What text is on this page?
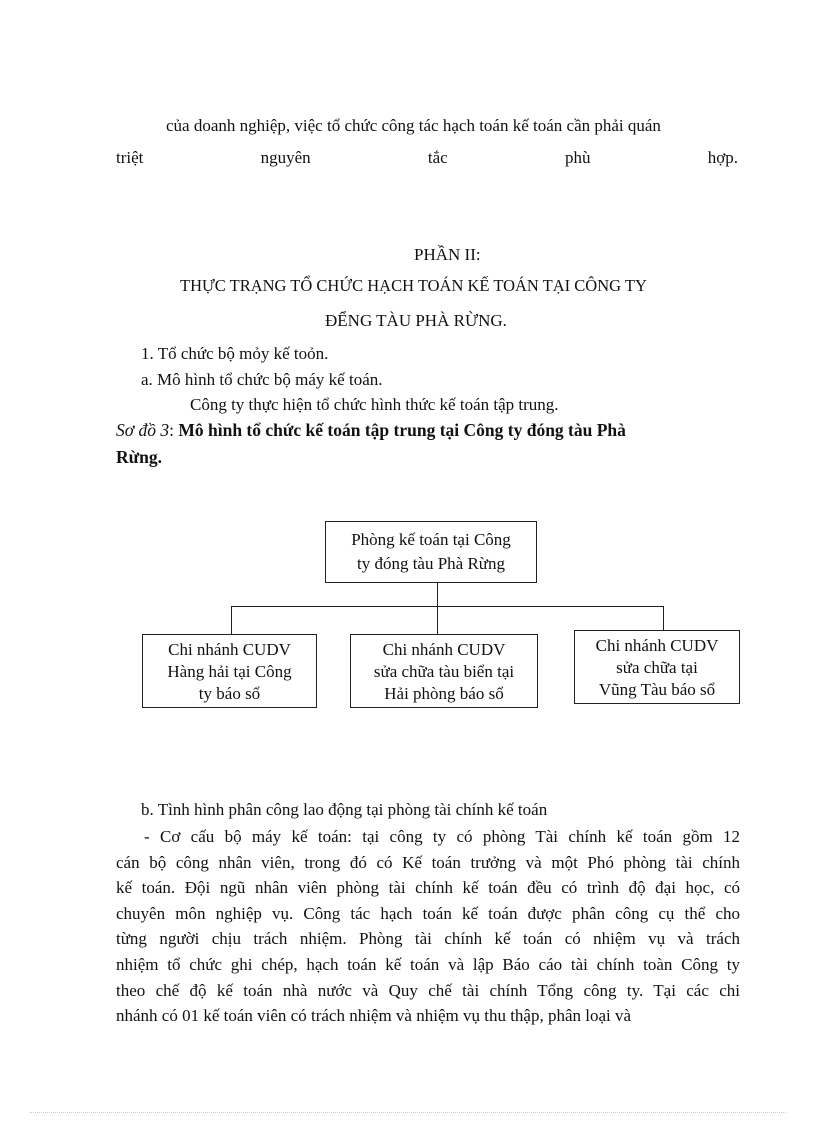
của doanh nghiệp, việc tổ chức công tác hạch toán kế toán cần phải quán
triệt	nguyên	tắc	phù	hợp.
PHẦN II:
THỰC TRẠNG TỔ CHỨC HẠCH TOÁN KẾ TOÁN TẠI CÔNG TY
ĐỂNG TÀU PHÀ RỪNG.
1. Tổ chức bộ mỏy kế toỏn.
a. Mô hình tổ chức bộ máy kế toán.
Công ty thực hiện tổ chức hình thức kế toán tập trung.
Sơ đồ 3: Mô hình tổ chức kế toán tập trung tại Công ty đóng tàu Phà
Rừng.
Phòng kế toán tại Công
ty đóng tàu Phà Rừng
Chi nhánh CUDV
Hàng hải tại Công
ty báo sổ
Chi nhánh CUDV
sửa chữa tàu biển tại
Hải phòng báo sổ
Chi nhánh CUDV
sửa chữa tại
Vũng Tàu báo sổ
b. Tình hình phân công lao động tại phòng tài chính kế toán
- Cơ cấu bộ máy kế toán: tại công ty có phòng Tài chính kế toán gồm 12
cán bộ công nhân viên, trong đó có Kế toán trưởng và một Phó phòng tài chính
kế toán. Đội ngũ nhân viên phòng tài chính kế toán đều có trình độ đại học, có
chuyên môn nghiệp vụ. Công tác hạch toán kế toán được phân công cụ thể cho
từng người chịu trách nhiệm. Phòng tài chính kế toán có nhiệm vụ và trách
nhiệm tổ chức ghi chép, hạch toán kế toán và lập Báo cáo tài chính toàn Công ty
theo chế độ kế toán nhà nước và Quy chế tài chính Tổng công ty. Tại các chi
nhánh có 01 kế toán viên có trách nhiệm và nhiệm vụ thu thập, phân loại và
